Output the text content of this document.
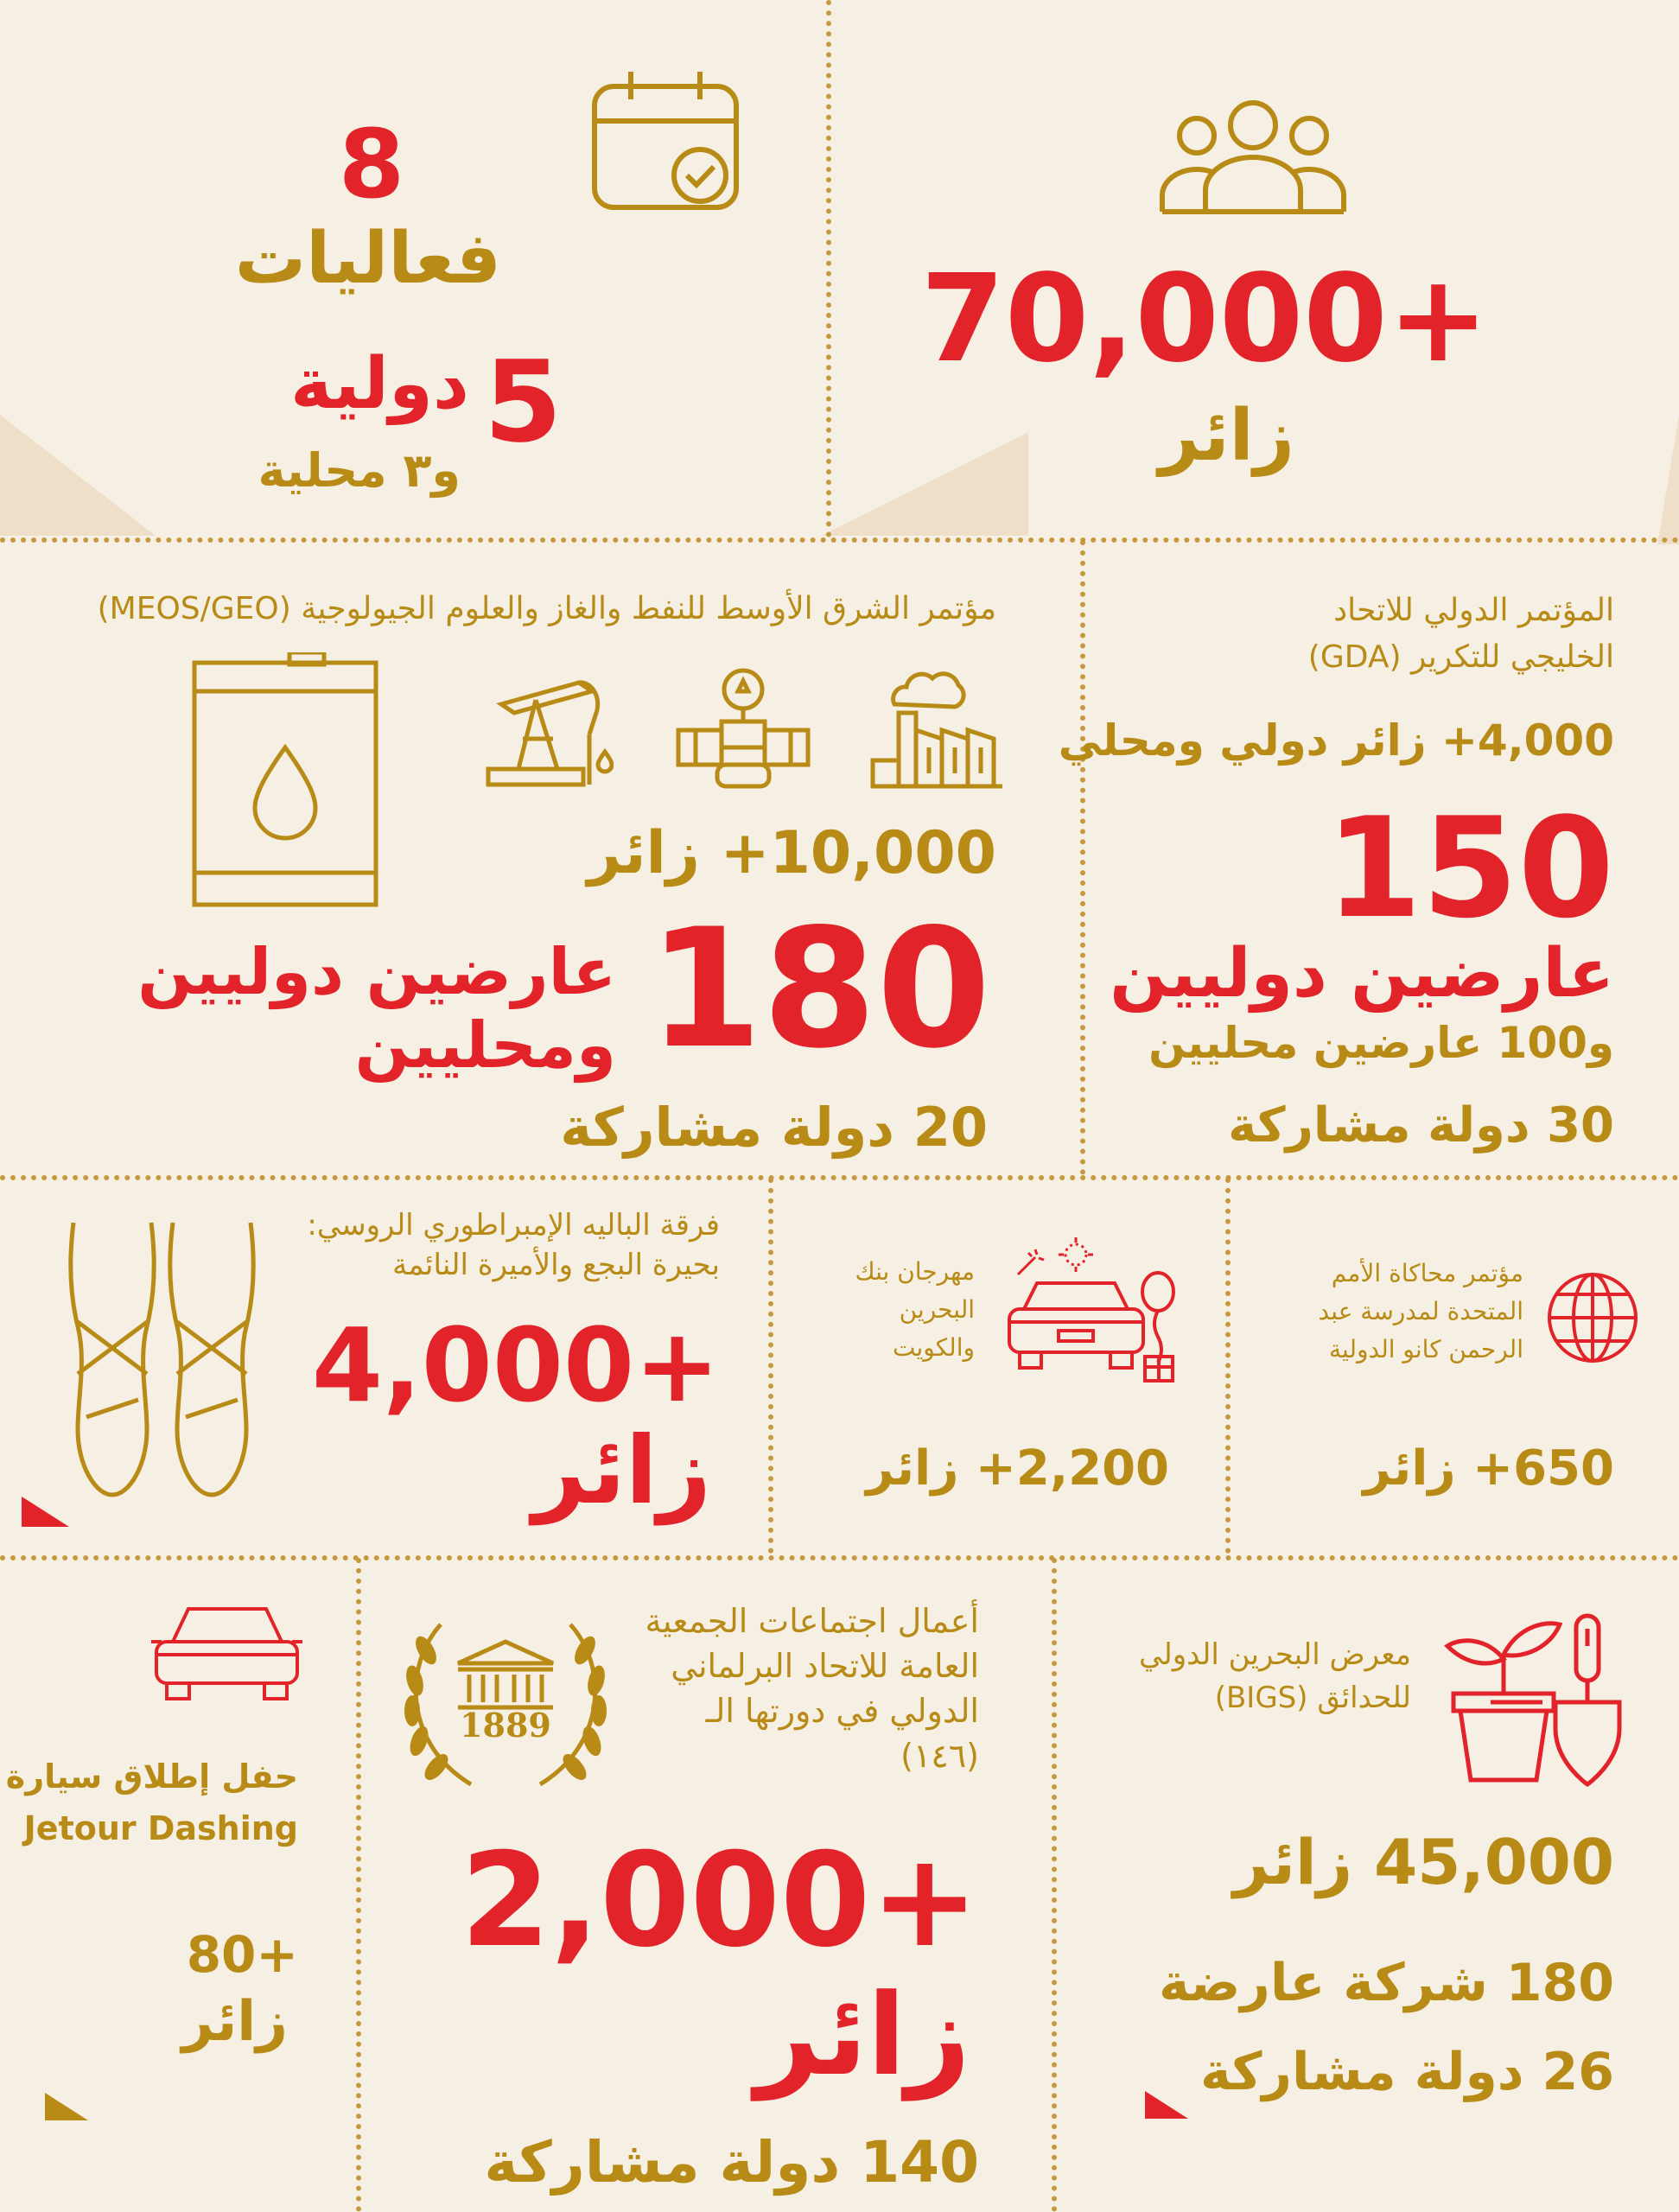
70,000+
زائر
8
فعاليات
5
دولية
و٣ محلية
المؤتمر الدولي للاتحاد الخليجي للتكرير (GDA)
4,000+ زائر دولي ومحلي
150
عارضين دوليين
و100 عارضين محليين
30 دولة مشاركة
مؤتمر الشرق الأوسط للنفط والغاز والعلوم الجيولوجية (MEOS/GEO)
10,000+ زائر
180
عارضين دوليين
ومحليين
20 دولة مشاركة
مؤتمر محاكاة الأمم المتحدة لمدرسة عبد الرحمن كانو الدولية
650+ زائر
مهرجان بنك البحرين والكويت
2,200+ زائر
فرقة الباليه الإمبراطوري الروسي: بحيرة البجع والأميرة النائمة
4,000+
زائر
معرض البحرين الدولي للحدائق (BIGS)
45,000 زائر
180 شركة عارضة
26 دولة مشاركة
1889
أعمال اجتماعات الجمعية العامة للاتحاد البرلماني الدولي في دورتها الـ (١٤٦)
2,000+
زائر
140 دولة مشاركة
حفل إطلاق سيارة
Jetour Dashing
80+
زائر
